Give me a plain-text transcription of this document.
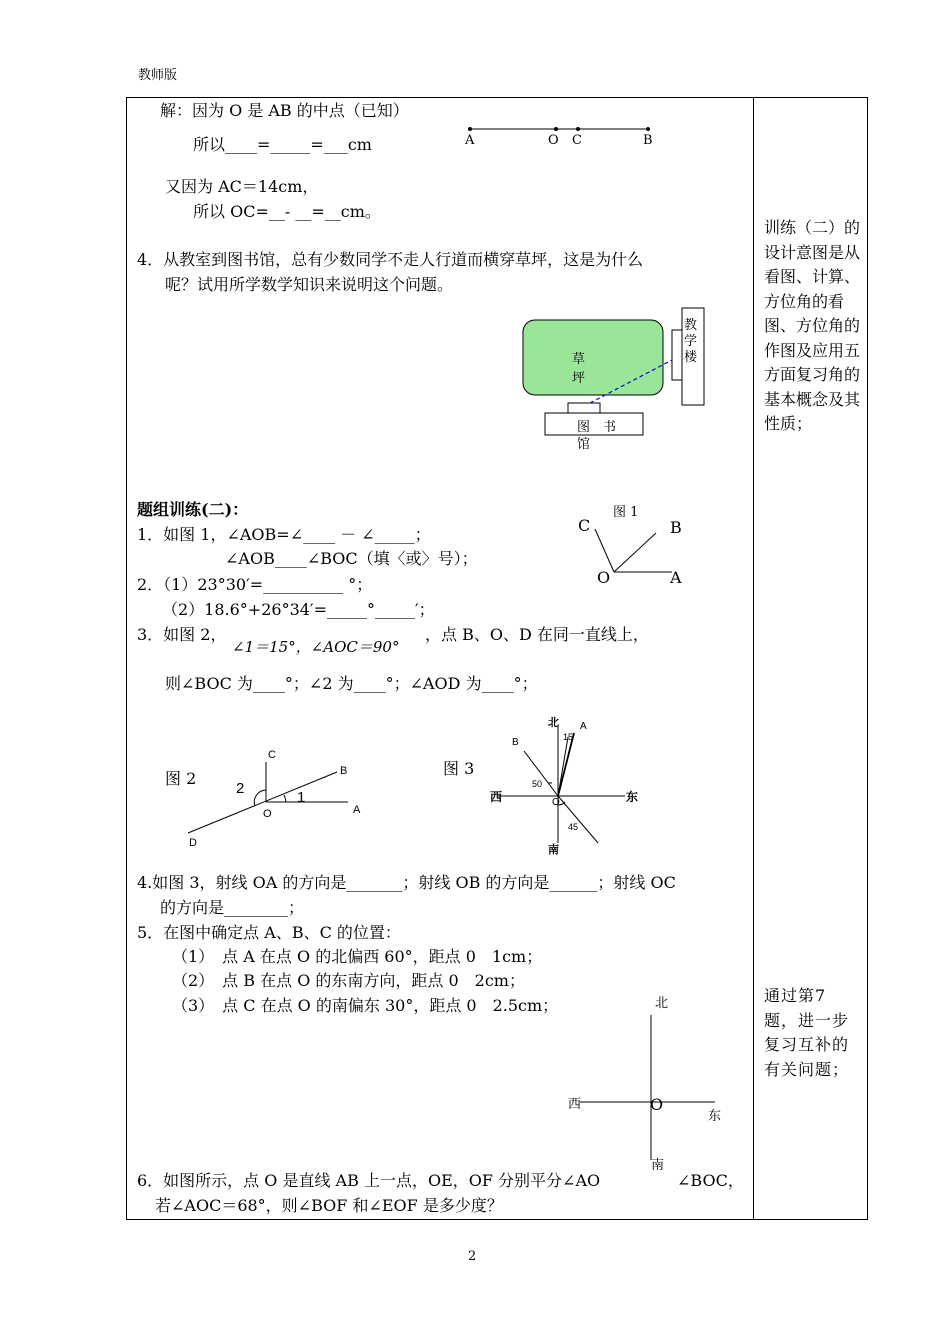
教师版
2
训练（二）的设计意图是从看图、计算、方位角的看图、方位角的作图及应用五方面复习角的基本概念及其性质；
通过第7题，进一步复习互补的有关问题；
解：因为 O 是 AB 的中点（已知）
所以____=_____=___cm
又因为 AC＝14cm，
所以 OC=__- __=__cm。
A	O C	B
4．从教室到图书馆，总有少数同学不走人行道而横穿草坪，这是为什么
呢？试用所学数学知识来说明这个问题。
草
坪
教
学
楼
图　书
馆
题组训练(二)：
1．如图 1，∠AOB=∠____ － ∠_____；
∠AOB____∠BOC（填〈或〉号）；
2．（1）23°30′=__________ °；
（2）18.6°+26°34′=_____°_____′；
3．如图 2，
∠1＝15°，∠AOC＝90°
，点 B、O、D 在同一直线上，
则∠BOC 为____°；∠2 为____°；∠AOD 为____°；
图 1
C	B
O	A
图 2
C
B
2
1
O	A
D
图 3
北 A
15
B
50
西	东
O
45
南
4.如图 3，射线 OA 的方向是_______；射线 OB 的方向是______；射线 OC
的方向是________；
5．在图中确定点 A、B、C 的位置：
（1）　点 A 在点 O 的北偏西 60°，距点 0　1cm；
（2）　点 B 在点 O 的东南方向，距点 0　2cm；
（3）　点 C 在点 O 的南偏东 30°，距点 0　2.5cm；	北
西	O
东
南
6．如图所示，点 O 是直线 AB 上一点，OE，OF 分别平分∠AO	∠BOC，
若∠AOC＝68°，则∠BOF 和∠EOF 是多少度？
